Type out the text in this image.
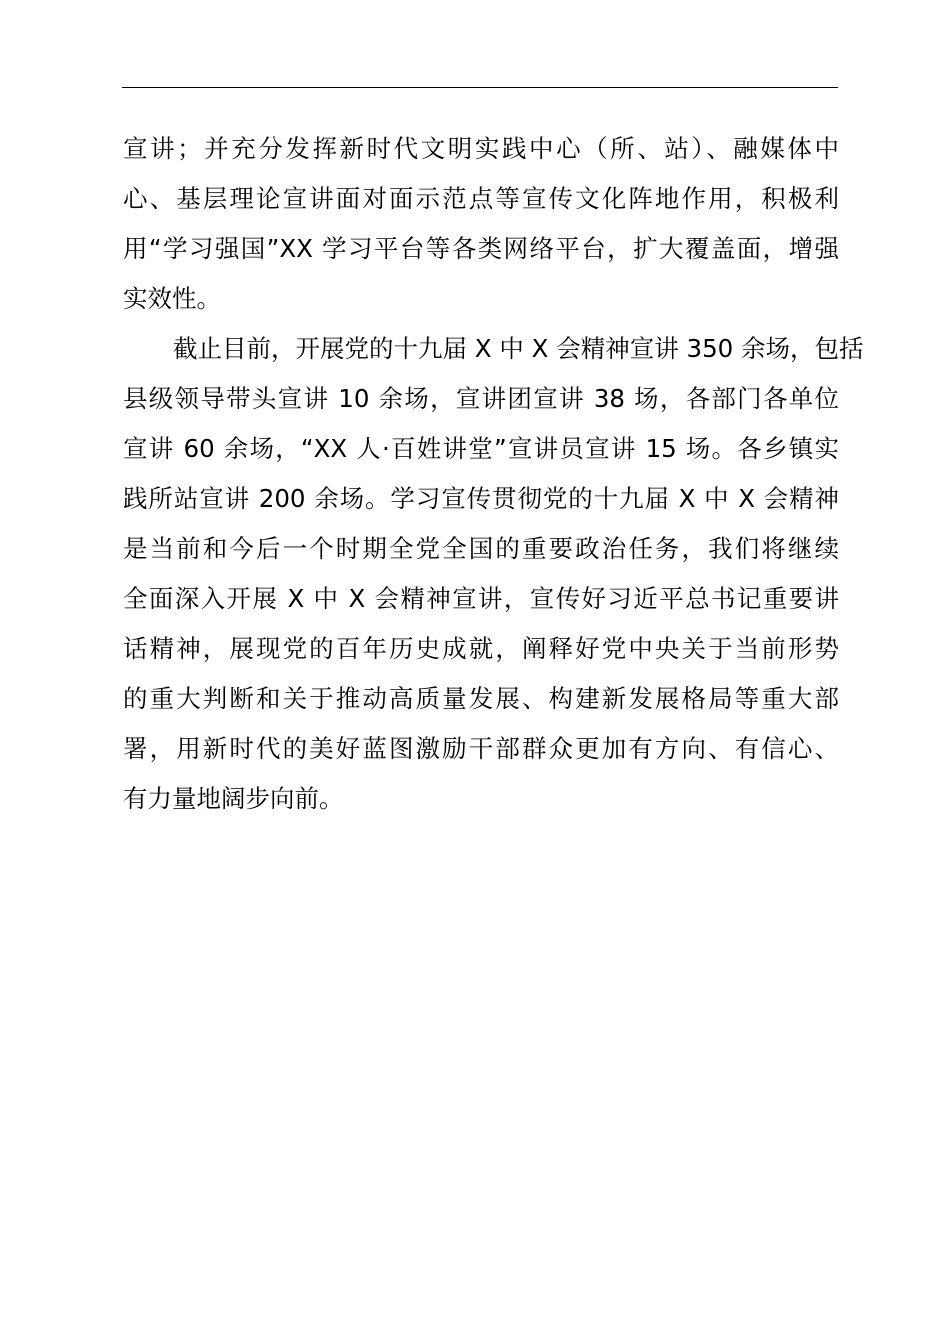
宣讲；并充分发挥新时代文明实践中心（所、站）、融媒体中
心、基层理论宣讲面对面示范点等宣传文化阵地作用，积极利
用“学习强国”XX 学习平台等各类网络平台，扩大覆盖面，增强
实效性。
截止目前，开展党的十九届 X 中 X 会精神宣讲 350 余场，包括
县级领导带头宣讲 10 余场，宣讲团宣讲 38 场，各部门各单位
宣讲 60 余场，“XX 人·百姓讲堂”宣讲员宣讲 15 场。各乡镇实
践所站宣讲 200 余场。学习宣传贯彻党的十九届 X 中 X 会精神
是当前和今后一个时期全党全国的重要政治任务，我们将继续
全面深入开展 X 中 X 会精神宣讲，宣传好习近平总书记重要讲
话精神，展现党的百年历史成就，阐释好党中央关于当前形势
的重大判断和关于推动高质量发展、构建新发展格局等重大部
署，用新时代的美好蓝图激励干部群众更加有方向、有信心、
有力量地阔步向前。
